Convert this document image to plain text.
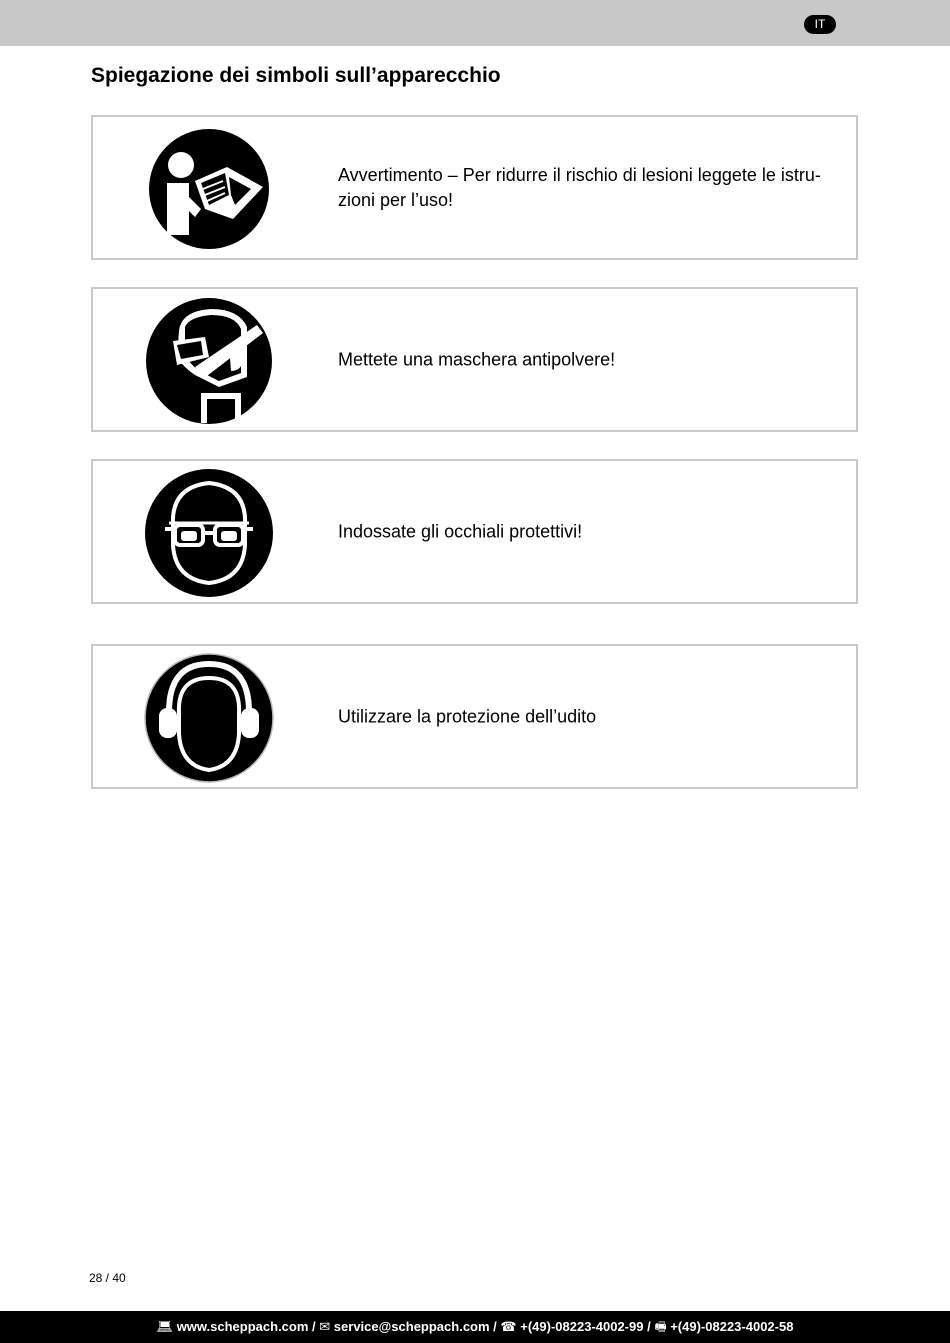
IT
Spiegazione dei simboli sull’apparecchio
Avvertimento – Per ridurre il rischio di lesioni leggete le istru-zioni per l’uso!
Mettete una maschera antipolvere!
Indossate gli occhiali protettivi!
Utilizzare la protezione dell’udito
28 / 40
💻︎ www.scheppach.com / ✉︎ service@scheppach.com / ☎ +(49)-08223-4002-99 / 🖷︎ +(49)-08223-4002-58
